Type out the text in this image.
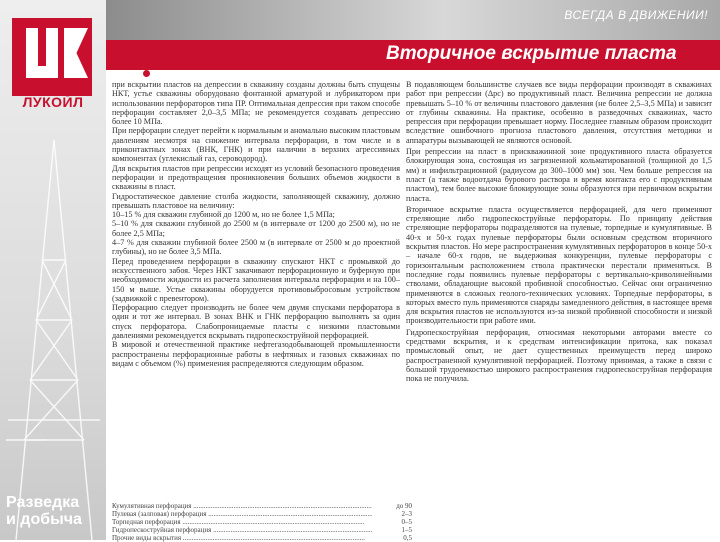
ЛУКОЙЛ
Разведка
и добыча
ВСЕГДА В ДВИЖЕНИИ!
Вторичное вскрытие пласта

при вскрытии пластов на депрессии в скважину созданы должны быть спущены НКТ, устье скважины оборудовано фонтанной арматурой и лубрикатором при использовании перфораторов типа ПР. Оптимальная депрессия при таком способе перфорации составляет 2,0–3,5 МПа; не рекомендуется создавать депрессию более 10 МПа.

При перфорации следует перейти к нормальным и аномально высоким пластовым давлениям несмотря на снижение интервала перфорации, в том числе и в приконтактных зонах (ВНК, ГНК) и при наличии в верхних агрессивных компонентах (углекислый газ, сероводород).

Для вскрытия пластов при репрессии исходят из условий безопасного проведения перфорации и предотвращения проникновения больших объемов жидкости в скважины в пласт.

Гидростатическое давление столба жидкости, заполняющей скважину, должно превышать пластовое на величину:

10–15 % для скважин глубиной до 1200 м, но не более 1,5 МПа;

5–10 % для скважин глубиной до 2500 м (в интервале от 1200 до 2500 м), но не более 2,5 МПа;

4–7 % для скважин глубиной более 2500 м (в интервале от 2500 м до проектной глубины), но не более 3,5 МПа.

Перед проведением перфорации в скважину спускают НКТ с промывкой до искусственного забоя. Через НКТ закачивают перфорационную и буферную при необходимости жидкости из расчета заполнения интервала перфорации и на 100–150 м выше. Устье скважины оборудуется противовыбросовым устройством (задвижкой с превентором).

Перфорацию следует производить не более чем двумя спусками перфоратора в один и тот же интервал. В зонах ВНК и ГНК перфорацию выполнять за один спуск перфоратора. Слабопроницаемые пласты с низкими пластовыми давлениями рекомендуется вскрывать гидропескоструйной перфорацией.

В мировой и отечественной практике нефтегазодобывающей промышленности распространены перфорационные работы в нефтяных и газовых скважинах по видам с объемом (%) применения распределяются следующим образом.

Кумулятивная перфорация .....	до 90
Пулевая (залповая) перфорация .....	2–3
Торпедная перфорация .....	0–5
Гидропескоструйная перфорация .....	1–5
Прочие виды вскрытия .....	0,5

В подавляющем большинстве случаев все виды перфорации производят в скважинах работ при репрессии (Δpc) во продуктивный пласт. Величина репрессии не должна превышать 5–10 % от величины пластового давления (не более 2,5–3,5 МПа) и зависит от глубины скважины. На практике, особенно в разведочных скважинах, часто репрессия при перфорации превышает норму. Последнее главным образом происходит вследствие ошибочного прогноза пластового давления, отсутствия методики и аппаратуры вызывающей не являются основой.

При репрессии на пласт в прискважинной зоне продуктивного пласта образуется блокирующая зона, состоящая из загрязненной кольматированной (толщиной до 1,5 мм) и инфильтрационной (радиусом до 300–1000 мм) зон. Чем больше репрессия на пласт (а также водоотдача бурового раствора и время контакта его с продуктивным пластом), тем более высокие блокирующие зоны образуются при первичном вскрытии пласта.

Вторичное вскрытие пласта осуществляется перфорацией, для чего применяют стреляющие либо гидропескоструйные перфораторы. По принципу действия стреляющие перфораторы подразделяются на пулевые, торпедные и кумулятивные. В 40-х и 50-х годах пулевые перфораторы были основным средством вторичного вскрытия пластов. Но мере распространения кумулятивных перфораторов в конце 50-х – начале 60-х годов, не выдерживая конкуренции, пулевые перфораторы с горизонтальным расположением ствола практически перестали применяться. В последние годы появились пулевые перфораторы с вертикально-криволинейными стволами, обладающие высокой пробивной способностью. Сейчас они ограниченно применяются в сложных геолого-технических условиях. Торпедные перфораторы, в которых вместо пуль применяются снаряды замедленного действия, в настоящее время для вскрытия пластов не используются из-за низкой пробивной способности и низкой производительности при работе ими.

Гидропескоструйная перфорация, относимая некоторыми авторами вместе со средствами вскрытия, и к средствам интенсификации притока, как показал промысловый опыт, не дает существенных преимуществ перед широко распространенной кумулятивной перфорацией. Поэтому принимая, а также в связи с большой трудоемкостью широкого распространения гидропескоструйная перфорация пока не получила.
